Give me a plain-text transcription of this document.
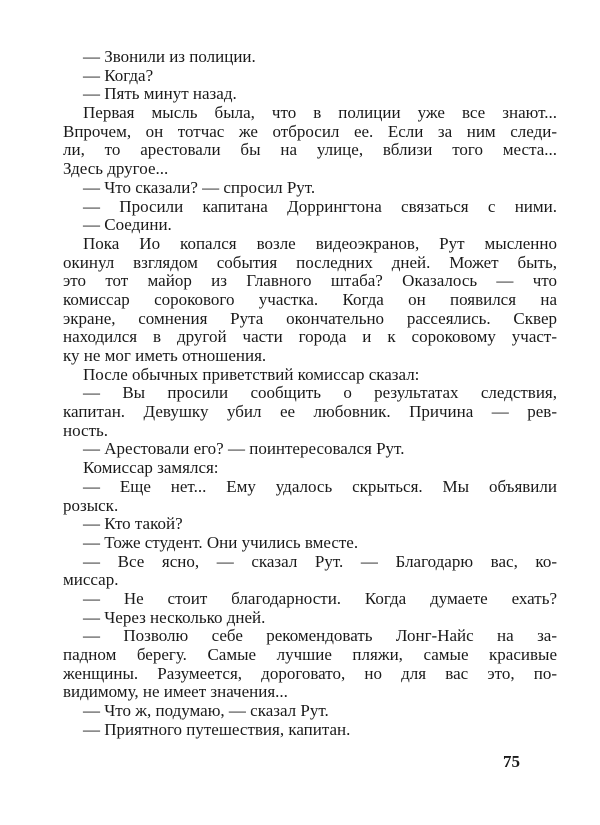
— Звонили из полиции.
— Когда?
— Пять минут назад.
Первая мысль была, что в полиции уже все знают...
Впрочем, он тотчас же отбросил ее. Если за ним следи-
ли, то арестовали бы на улице, вблизи того места...
Здесь другое...
— Что сказали? — спросил Рут.
— Просили капитана Доррингтона связаться с ними.
— Соедини.
Пока Ио копался возле видеоэкранов, Рут мысленно
окинул взглядом события последних дней. Может быть,
это тот майор из Главного штаба? Оказалось — что
комиссар сорокового участка. Когда он появился на
экране, сомнения Рута окончательно рассеялись. Сквер
находился в другой части города и к сороковому участ-
ку не мог иметь отношения.
После обычных приветствий комиссар сказал:
— Вы просили сообщить о результатах следствия,
капитан. Девушку убил ее любовник. Причина — рев-
ность.
— Арестовали его? — поинтересовался Рут.
Комиссар замялся:
— Еще нет... Ему удалось скрыться. Мы объявили
розыск.
— Кто такой?
— Тоже студент. Они учились вместе.
— Все ясно, — сказал Рут. — Благодарю вас, ко-
миссар.
— Не стоит благодарности. Когда думаете ехать?
— Через несколько дней.
— Позволю себе рекомендовать Лонг-Найс на за-
падном берегу. Самые лучшие пляжи, самые красивые
женщины. Разумеется, дороговато, но для вас это, по-
видимому, не имеет значения...
— Что ж, подумаю, — сказал Рут.
— Приятного путешествия, капитан.
75
